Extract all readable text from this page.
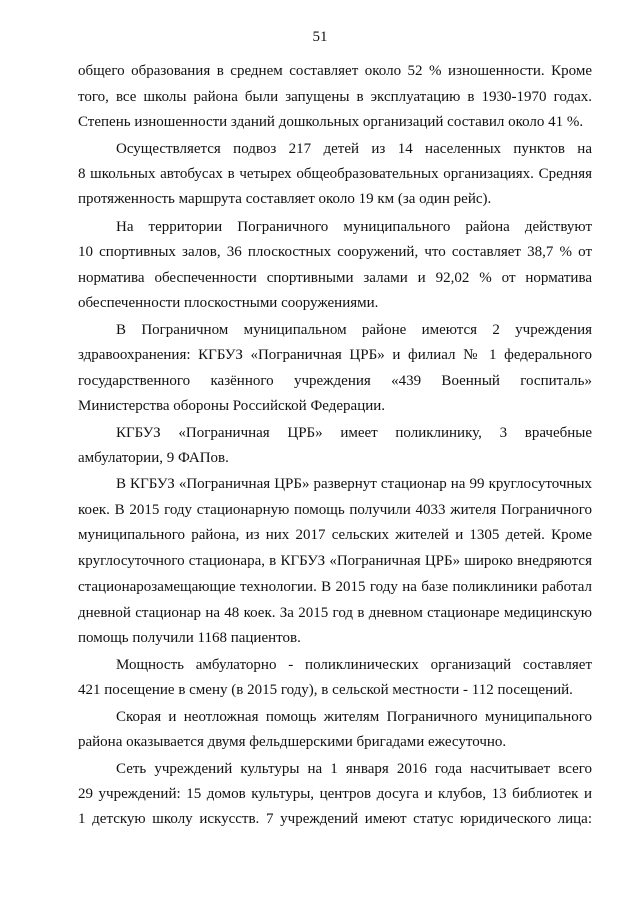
51
общего образования в среднем составляет около 52 % изношенности. Кроме
того, все школы района были запущены в эксплуатацию в 1930-1970 годах.
Степень изношенности зданий дошкольных организаций составил около 41 %.
Осуществляется подвоз 217 детей из 14 населенных пунктов на
8 школьных автобусах в четырех общеобразовательных организациях. Средняя
протяженность маршрута составляет около 19 км (за один рейс).
На территории Пограничного муниципального района действуют
10 спортивных залов, 36 плоскостных сооружений, что составляет 38,7 % от
норматива обеспеченности спортивными залами и 92,02 % от норматива
обеспеченности плоскостными сооружениями.
В Пограничном муниципальном районе имеются 2 учреждения
здравоохранения: КГБУЗ «Пограничная ЦРБ» и филиал № 1 федерального
государственного казённого учреждения «439 Военный госпиталь»
Министерства обороны Российской Федерации.
КГБУЗ «Пограничная ЦРБ» имеет поликлинику, 3 врачебные
амбулатории, 9 ФАПов.
В КГБУЗ «Пограничная ЦРБ» развернут стационар на 99 круглосуточных
коек. В 2015 году стационарную помощь получили 4033 жителя Пограничного
муниципального района, из них 2017 сельских жителей и 1305 детей. Кроме
круглосуточного стационара, в КГБУЗ «Пограничная ЦРБ» широко внедряются
стационарозамещающие технологии. В 2015 году на базе поликлиники работал
дневной стационар на 48 коек. За 2015 год в дневном стационаре медицинскую
помощь получили 1168 пациентов.
Мощность амбулаторно - поликлинических организаций составляет
421 посещение в смену (в 2015 году), в сельской местности - 112 посещений.
Скорая и неотложная помощь жителям Пограничного муниципального
района оказывается двумя фельдшерскими бригадами ежесуточно.
Сеть учреждений культуры на 1 января 2016 года насчитывает всего
29 учреждений: 15 домов культуры, центров досуга и клубов, 13 библиотек и
1 детскую школу искусств. 7 учреждений имеют статус юридического лица:
